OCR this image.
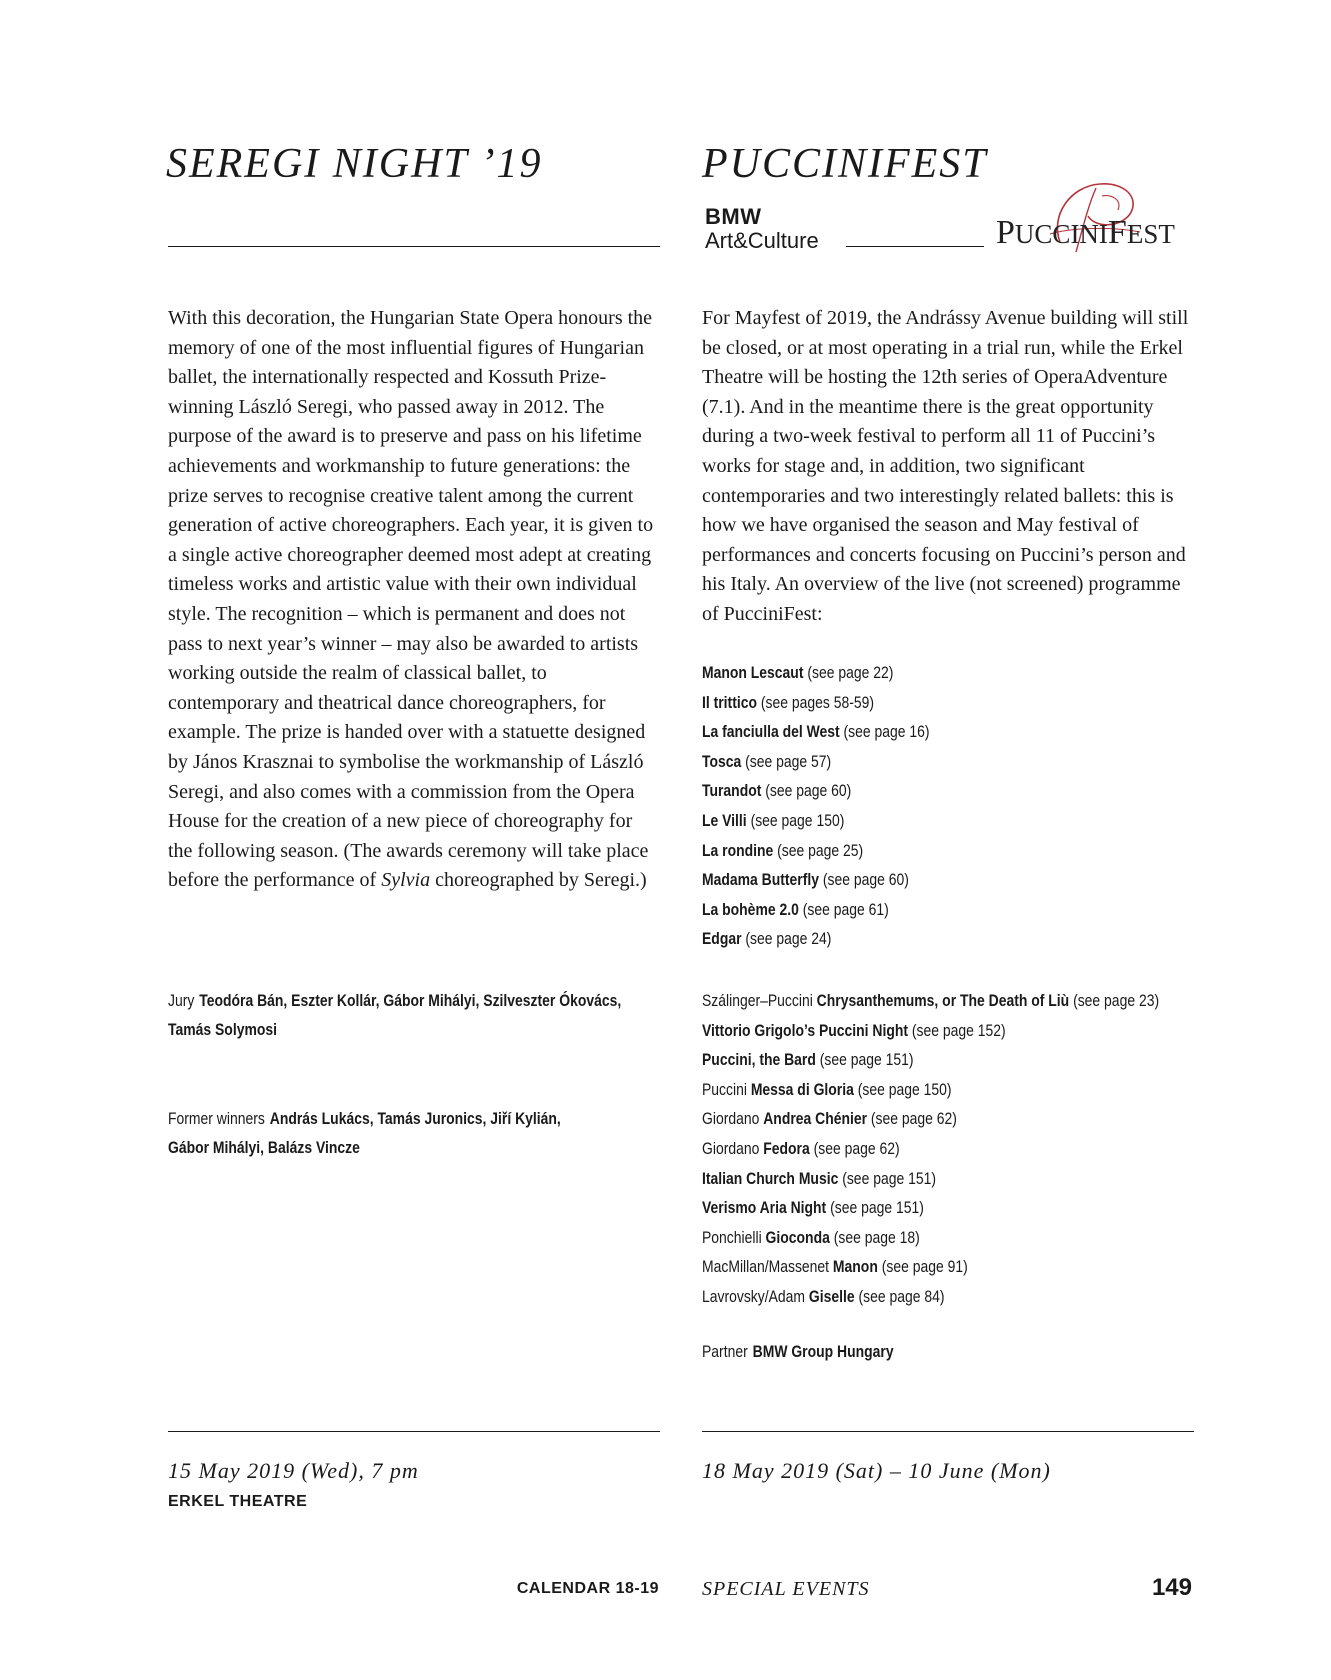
SEREGI NIGHT ’19

With this decoration, the Hungarian State Opera honours the memory of one of the most influential figures of Hungarian ballet, the internationally respected and Kossuth Prize-winning László Seregi, who passed away in 2012. The purpose of the award is to preserve and pass on his lifetime achievements and workmanship to future generations: the prize serves to recognise creative talent among the current generation of active choreographers. Each year, it is given to a single active choreographer deemed most adept at creating timeless works and artistic value with their own individual style. The recognition – which is permanent and does not pass to next year’s winner – may also be awarded to artists working outside the realm of classical ballet, to contemporary and theatrical dance choreographers, for example. The prize is handed over with a statuette designed by János Krasznai to symbolise the workmanship of László Seregi, and also comes with a commission from the Opera House for the creation of a new piece of choreography for the following season. (The awards ceremony will take place before the performance of Sylvia choreographed by Seregi.)

Jury Teodóra Bán, Eszter Kollár, Gábor Mihályi, Szilveszter Ókovács,
Tamás Solymosi
Former winners András Lukács, Tamás Juronics, Jiří Kylián,
Gábor Mihályi, Balázs Vincze
15 May 2019 (Wed), 7 pm
ERKEL THEATRE
PUCCINIFEST
BMW
Art&Culture	PUCCINIFEST

For Mayfest of 2019, the Andrássy Avenue building will still be closed, or at most operating in a trial run, while the Erkel Theatre will be hosting the 12th series of OperaAdventure (7.1). And in the meantime there is the great opportunity during a two-week festival to perform all 11 of Puccini’s works for stage and, in addition, two significant contemporaries and two interestingly related ballets: this is how we have organised the season and May festival of performances and concerts focusing on Puccini’s person and his Italy. An overview of the live (not screened) programme of PucciniFest:

Manon Lescaut (see page 22)
Il trittico (see pages 58-59)
La fanciulla del West (see page 16)
Tosca (see page 57)
Turandot (see page 60)
Le Villi (see page 150)
La rondine (see page 25)
Madama Butterfly (see page 60)
La bohème 2.0 (see page 61)
Edgar (see page 24)
Szálinger–Puccini Chrysanthemums, or The Death of Liù (see page 23)
Vittorio Grigolo’s Puccini Night (see page 152)
Puccini, the Bard (see page 151)
Puccini Messa di Gloria (see page 150)
Giordano Andrea Chénier (see page 62)
Giordano Fedora (see page 62)
Italian Church Music (see page 151)
Verismo Aria Night (see page 151)
Ponchielli Gioconda (see page 18)
MacMillan/Massenet Manon (see page 91)
Lavrovsky/Adam Giselle (see page 84)
Partner BMW Group Hungary
18 May 2019 (Sat) – 10 June (Mon)
CALENDAR 18-19 SPECIAL EVENTS	149
